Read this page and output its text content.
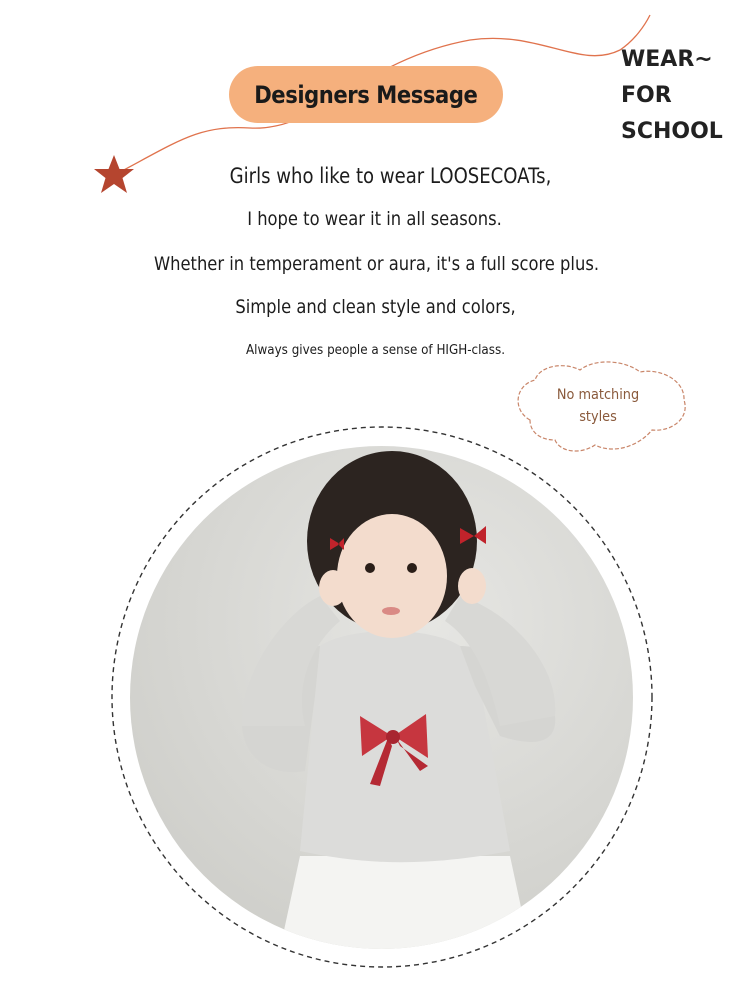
Designers Message
WEAR~
FOR
SCHOOL
Girls who like to wear LOOSECOATs,
I hope to wear it in all seasons.
Whether in temperament or aura, it's a full score plus.
Simple and clean style and colors,
Always gives people a sense of HIGH-class.
No matching
styles
